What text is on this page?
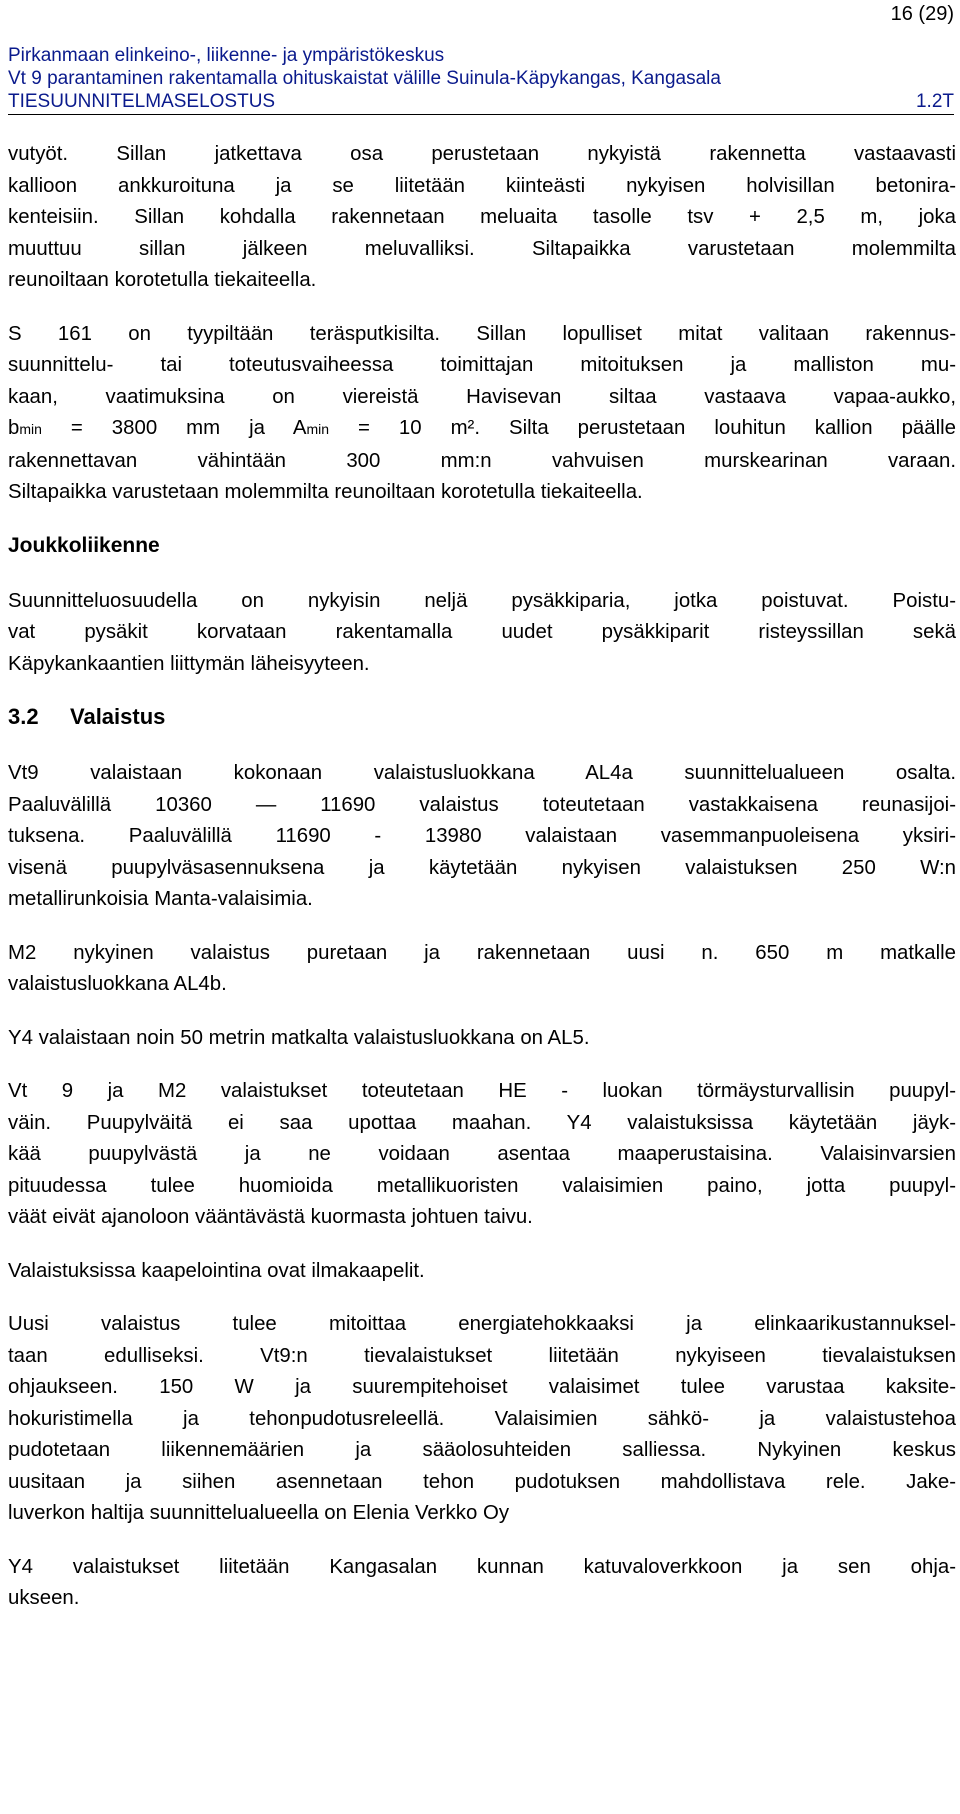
16 (29)
Pirkanmaan elinkeino-, liikenne- ja ympäristökeskus
Vt 9 parantaminen rakentamalla ohituskaistat välille Suinula-Käpykangas, Kangasala
TIESUUNNITELMASELOSTUS	1.2T
vutyöt. Sillan jatkettava osa perustetaan nykyistä rakennetta vastaavasti
kallioon ankkuroituna ja se liitetään kiinteästi nykyisen holvisillan betonira-
kenteisiin. Sillan kohdalla rakennetaan meluaita tasolle tsv + 2,5 m, joka
muuttuu sillan jälkeen meluvalliksi. Siltapaikka varustetaan molemmilta
reunoiltaan korotetulla tiekaiteella.
S 161 on tyypiltään teräsputkisilta. Sillan lopulliset mitat valitaan rakennus-
suunnittelu- tai toteutusvaiheessa toimittajan mitoituksen ja malliston mu-
kaan, vaatimuksina on viereistä Havisevan siltaa vastaava vapaa-aukko,
bmin = 3800 mm ja Amin = 10 m². Silta perustetaan louhitun kallion päälle
rakennettavan vähintään 300 mm:n vahvuisen murskearinan varaan.
Siltapaikka varustetaan molemmilta reunoiltaan korotetulla tiekaiteella.
Joukkoliikenne
Suunnitteluosuudella on nykyisin neljä pysäkkiparia, jotka poistuvat. Poistu-
vat pysäkit korvataan rakentamalla uudet pysäkkiparit risteyssillan sekä
Käpykankaantien liittymän läheisyyteen.
3.2	Valaistus
Vt9 valaistaan kokonaan valaistusluokkana AL4a suunnittelualueen osalta.
Paaluvälillä 10360 — 11690 valaistus toteutetaan vastakkaisena reunasijoi-
tuksena. Paaluvälillä 11690 - 13980 valaistaan vasemmanpuoleisena yksiri-
visenä puupylväsasennuksena ja käytetään nykyisen valaistuksen 250 W:n
metallirunkoisia Manta-valaisimia.
M2 nykyinen valaistus puretaan ja rakennetaan uusi n. 650 m matkalle
valaistusluokkana AL4b.
Y4 valaistaan noin 50 metrin matkalta valaistusluokkana on AL5.
Vt 9 ja M2 valaistukset toteutetaan HE - luokan törmäysturvallisin puupyl-
väin. Puupylväitä ei saa upottaa maahan. Y4 valaistuksissa käytetään jäyk-
kää puupylvästä ja ne voidaan asentaa maaperustaisina. Valaisinvarsien
pituudessa tulee huomioida metallikuoristen valaisimien paino, jotta puupyl-
väät eivät ajanoloon vääntävästä kuormasta johtuen taivu.
Valaistuksissa kaapelointina ovat ilmakaapelit.
Uusi valaistus tulee mitoittaa energiatehokkaaksi ja elinkaarikustannuksel-
taan edulliseksi. Vt9:n tievalaistukset liitetään nykyiseen tievalaistuksen
ohjaukseen. 150 W ja suurempitehoiset valaisimet tulee varustaa kaksite-
hokuristimella ja tehonpudotusreleellä. Valaisimien sähkö- ja valaistustehoa
pudotetaan liikennemäärien ja sääolosuhteiden salliessa. Nykyinen keskus
uusitaan ja siihen asennetaan tehon pudotuksen mahdollistava rele. Jake-
luverkon haltija suunnittelualueella on Elenia Verkko Oy
Y4 valaistukset liitetään Kangasalan kunnan katuvaloverkkoon ja sen ohja-
ukseen.
